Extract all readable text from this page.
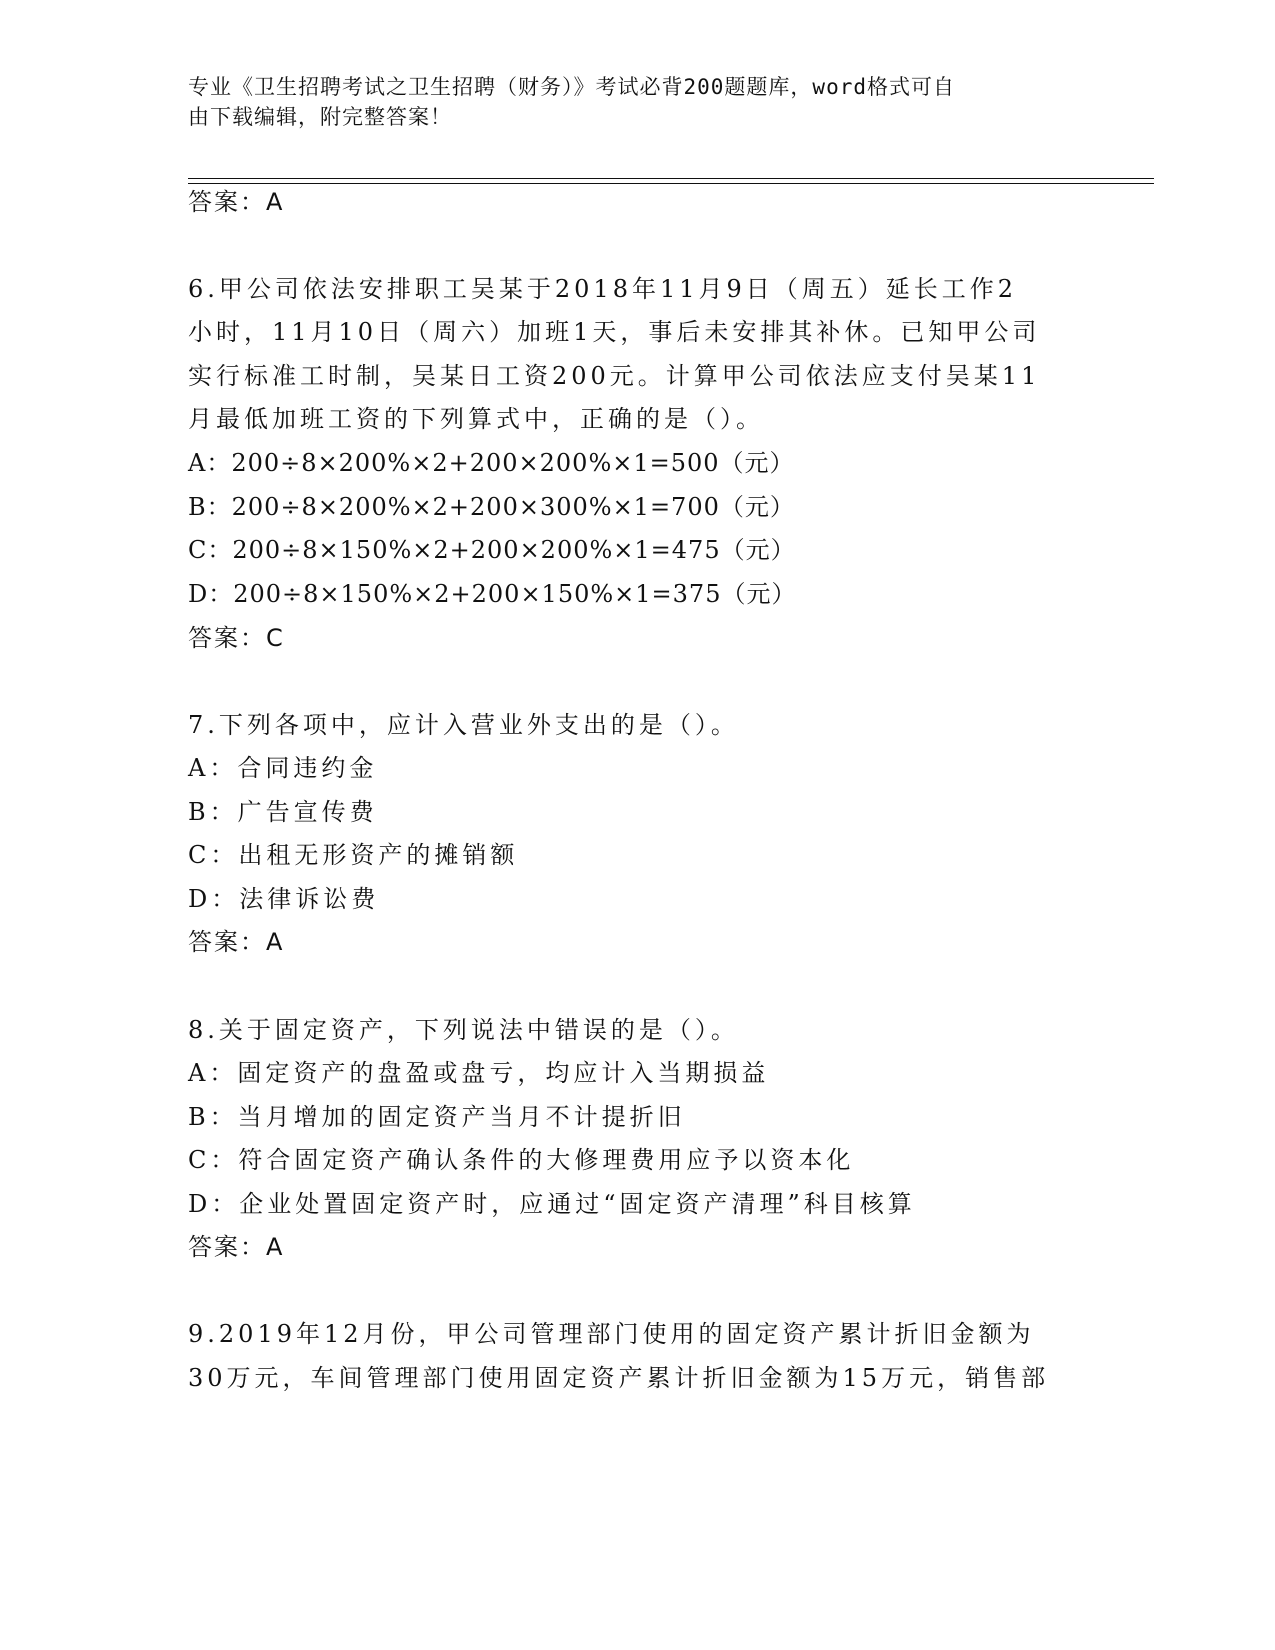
专业《卫生招聘考试之卫生招聘（财务）》考试必背200题题库，word格式可自
由下载编辑，附完整答案！
答案：A
6.甲公司依法安排职工吴某于2018年11月9日（周五）延长工作2
小时，11月10日（周六）加班1天，事后未安排其补休。已知甲公司
实行标准工时制，吴某日工资200元。计算甲公司依法应支付吴某11
月最低加班工资的下列算式中，正确的是（）。
A：200÷8×200%×2+200×200%×1=500（元）
B：200÷8×200%×2+200×300%×1=700（元）
C：200÷8×150%×2+200×200%×1=475（元）
D：200÷8×150%×2+200×150%×1=375（元）
答案：C
7.下列各项中，应计入营业外支出的是（）。
A：合同违约金
B：广告宣传费
C：出租无形资产的摊销额
D：法律诉讼费
答案：A
8.关于固定资产，下列说法中错误的是（）。
A：固定资产的盘盈或盘亏，均应计入当期损益
B：当月增加的固定资产当月不计提折旧
C：符合固定资产确认条件的大修理费用应予以资本化
D：企业处置固定资产时，应通过“固定资产清理”科目核算
答案：A
9.2019年12月份，甲公司管理部门使用的固定资产累计折旧金额为
30万元，车间管理部门使用固定资产累计折旧金额为15万元，销售部
